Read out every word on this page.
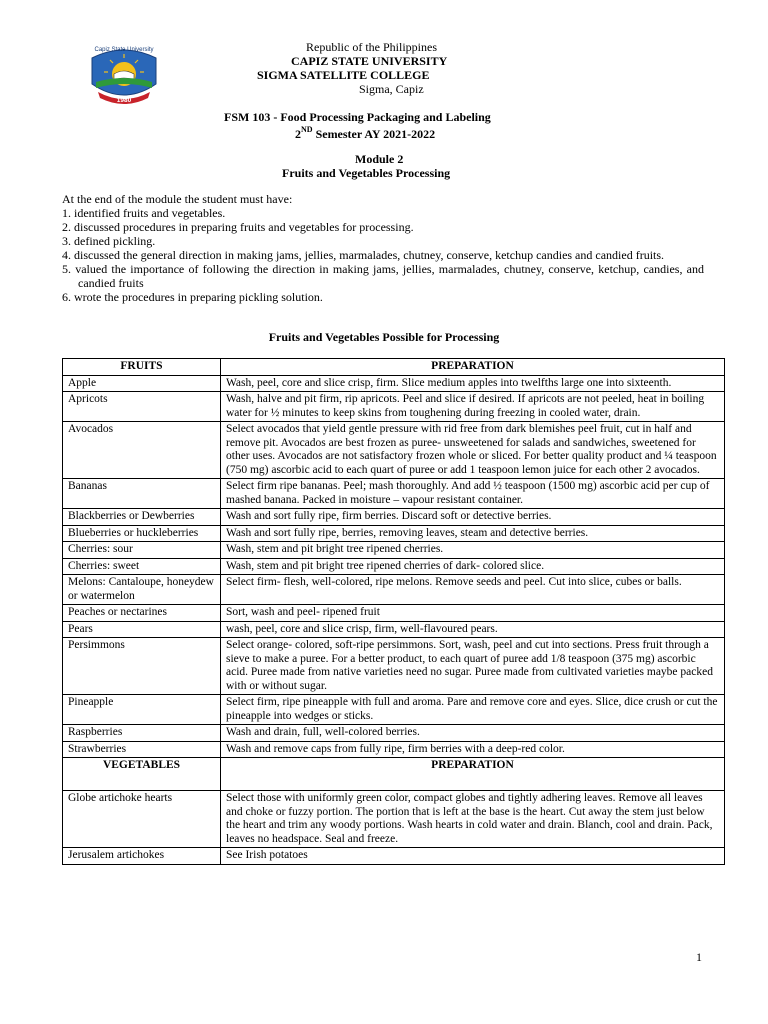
Capiz State University
1980
Republic of the Philippines
CAPIZ STATE UNIVERSITY
SIGMA SATELLITE COLLEGE
Sigma, Capiz
FSM 103 - Food Processing Packaging and Labeling
2ND Semester AY 2021-2022
Module 2
Fruits and Vegetables Processing
At the end of the module the student must have:
1. identified fruits and vegetables.
2. discussed procedures in preparing fruits and vegetables for processing.
3. defined pickling.
4. discussed the general direction in making jams, jellies, marmalades, chutney, conserve, ketchup candies and candied fruits.
5. valued the importance of following the direction in making jams, jellies, marmalades, chutney, conserve, ketchup, candies, and candied fruits
6. wrote the procedures in preparing pickling solution.
Fruits and Vegetables Possible for Processing
FRUITS	PREPARATION
Apple	Wash, peel, core and slice crisp, firm. Slice medium apples into twelfths large one into sixteenth.
Apricots	Wash, halve and pit firm, rip apricots. Peel and slice if desired. If apricots are not peeled, heat in boiling water for ½ minutes to keep skins from toughening during freezing in cooled water, drain.
Avocados	Select avocados that yield gentle pressure with rid free from dark blemishes peel fruit, cut in half and remove pit. Avocados are best frozen as puree- unsweetened for salads and sandwiches, sweetened for other uses. Avocados are not satisfactory frozen whole or sliced. For better quality product and ¼ teaspoon (750 mg) ascorbic acid to each quart of puree or add 1 teaspoon lemon juice for each other 2 avocados.
Bananas	Select firm ripe bananas. Peel; mash thoroughly. And add ½ teaspoon (1500 mg) ascorbic acid per cup of mashed banana. Packed in moisture – vapour resistant container.
Blackberries or Dewberries	Wash and sort fully ripe, firm berries. Discard soft or detective berries.
Blueberries or huckleberries	Wash and sort fully ripe, berries, removing leaves, steam and detective berries.
Cherries: sour	Wash, stem and pit bright tree ripened cherries.
Cherries: sweet	Wash, stem and pit bright tree ripened cherries of dark- colored slice.
Melons: Cantaloupe, honeydew or watermelon	Select firm- flesh, well-colored, ripe melons. Remove seeds and peel. Cut into slice, cubes or balls.
Peaches or nectarines	Sort, wash and peel- ripened fruit
Pears	wash, peel, core and slice crisp, firm, well-flavoured pears.
Persimmons	Select orange- colored, soft-ripe persimmons. Sort, wash, peel and cut into sections. Press fruit through a sieve to make a puree. For a better product, to each quart of puree add 1/8 teaspoon (375 mg) ascorbic acid. Puree made from native varieties need no sugar. Puree made from cultivated varieties maybe packed with or without sugar.
Pineapple	Select firm, ripe pineapple with full and aroma. Pare and remove core and eyes. Slice, dice crush or cut the pineapple into wedges or sticks.
Raspberries	Wash and drain, full, well-colored berries.
Strawberries	Wash and remove caps from fully ripe, firm berries with a deep-red color.
VEGETABLES	PREPARATION
Globe artichoke hearts	Select those with uniformly green color, compact globes and tightly adhering leaves. Remove all leaves and choke or fuzzy portion. The portion that is left at the base is the heart. Cut away the stem just below the heart and trim any woody portions. Wash hearts in cold water and drain. Blanch, cool and drain. Pack, leaves no headspace. Seal and freeze.
Jerusalem artichokes	See Irish potatoes
1
